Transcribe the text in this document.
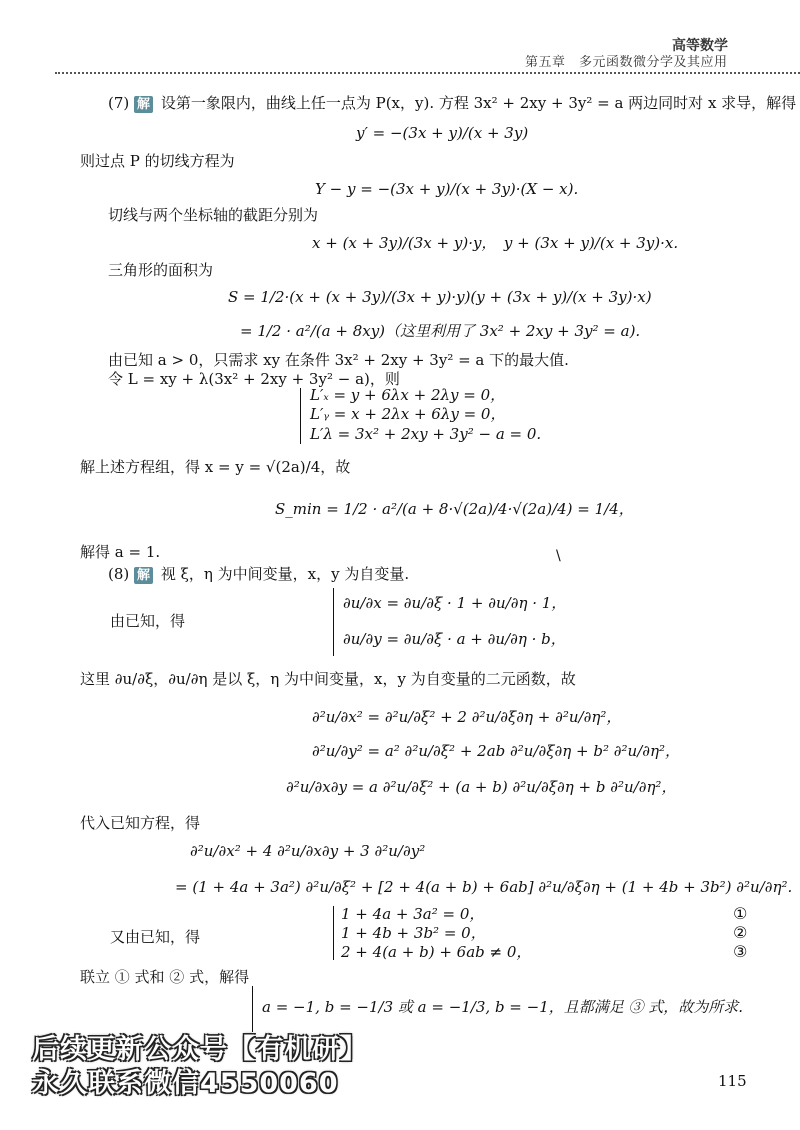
高等数学
第五章　多元函数微分学及其应用
(7) 解 设第一象限内，曲线上任一点为 P(x，y). 方程 3x² + 2xy + 3y² = a 两边同时对 x 求导，解得
y′ = −(3x + y)/(x + 3y)
则过点 P 的切线方程为
Y − y = −(3x + y)/(x + 3y)·(X − x).
切线与两个坐标轴的截距分别为
x + (x + 3y)/(3x + y)·y，　y + (3x + y)/(x + 3y)·x.
三角形的面积为
S = 1/2·(x + (x + 3y)/(3x + y)·y)(y + (3x + y)/(x + 3y)·x)
= 1/2 · a²/(a + 8xy)（这里利用了 3x² + 2xy + 3y² = a).
由已知 a > 0，只需求 xy 在条件 3x² + 2xy + 3y² = a 下的最大值.
令 L = xy + λ(3x² + 2xy + 3y² − a)，则
L′ₓ = y + 6λx + 2λy = 0，
L′ᵧ = x + 2λx + 6λy = 0，
L′λ = 3x² + 2xy + 3y² − a = 0.
解上述方程组，得 x = y = √(2a)/4，故
S_min = 1/2 · a²/(a + 8·√(2a)/4·√(2a)/4) = 1/4，
解得 a = 1.	\
(8) 解 视 ξ，η 为中间变量，x，y 为自变量.
由已知，得
∂u/∂x = ∂u/∂ξ · 1 + ∂u/∂η · 1，
∂u/∂y = ∂u/∂ξ · a + ∂u/∂η · b，
这里 ∂u/∂ξ，∂u/∂η 是以 ξ，η 为中间变量，x，y 为自变量的二元函数，故
∂²u/∂x² = ∂²u/∂ξ² + 2 ∂²u/∂ξ∂η + ∂²u/∂η²，
∂²u/∂y² = a² ∂²u/∂ξ² + 2ab ∂²u/∂ξ∂η + b² ∂²u/∂η²，
∂²u/∂x∂y = a ∂²u/∂ξ² + (a + b) ∂²u/∂ξ∂η + b ∂²u/∂η²，
代入已知方程，得
∂²u/∂x² + 4 ∂²u/∂x∂y + 3 ∂²u/∂y²
= (1 + 4a + 3a²) ∂²u/∂ξ² + [2 + 4(a + b) + 6ab] ∂²u/∂ξ∂η + (1 + 4b + 3b²) ∂²u/∂η².
又由已知，得
1 + 4a + 3a² = 0，
1 + 4b + 3b² = 0，
2 + 4(a + b) + 6ab ≠ 0，
①
②
③
联立 ① 式和 ② 式，解得
a = −1, b = −1/3 或 a = −1/3, b = −1，且都满足 ③ 式，故为所求.
后续更新公众号【有机研】
永久联系微信4550060	115
